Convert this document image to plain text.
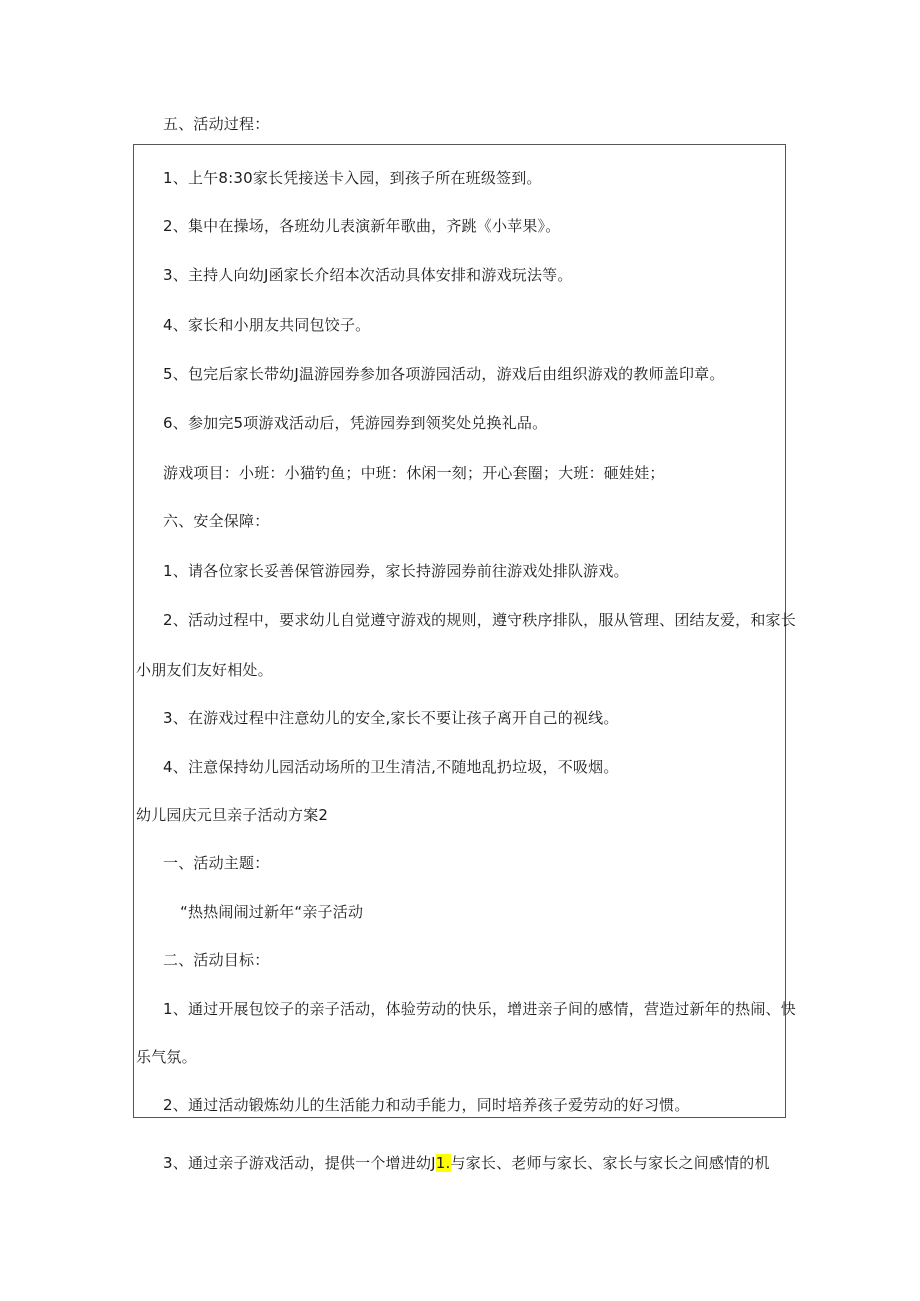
五、活动过程：
1、上午8:30家长凭接送卡入园，到孩子所在班级签到。
2、集中在操场，各班幼儿表演新年歌曲，齐跳《小苹果》。
3、主持人向幼J函家长介绍本次活动具体安排和游戏玩法等。
4、家长和小朋友共同包饺子。
5、包完后家长带幼J温游园券参加各项游园活动，游戏后由组织游戏的教师盖印章。
6、参加完5项游戏活动后，凭游园券到领奖处兑换礼品。
游戏项目：小班：小猫钓鱼；中班：休闲一刻；开心套圈；大班：砸娃娃；
六、安全保障：
1、请各位家长妥善保管游园券，家长持游园券前往游戏处排队游戏。
2、活动过程中，要求幼儿自觉遵守游戏的规则，遵守秩序排队，服从管理、团结友爱，和家长
小朋友们友好相处。
3、在游戏过程中注意幼儿的安全,家长不要让孩子离开自己的视线。
4、注意保持幼儿园活动场所的卫生清洁,不随地乱扔垃圾，不吸烟。
幼儿园庆元旦亲子活动方案2
一、活动主题：
“热热闹闹过新年“亲子活动
二、活动目标：
1、通过开展包饺子的亲子活动，体验劳动的快乐，增进亲子间的感情，营造过新年的热闹、快
乐气氛。
2、通过活动锻炼幼儿的生活能力和动手能力，同时培养孩子爱劳动的好习惯。
3、通过亲子游戏活动，提供一个增进幼J1.与家长、老师与家长、家长与家长之间感情的机
